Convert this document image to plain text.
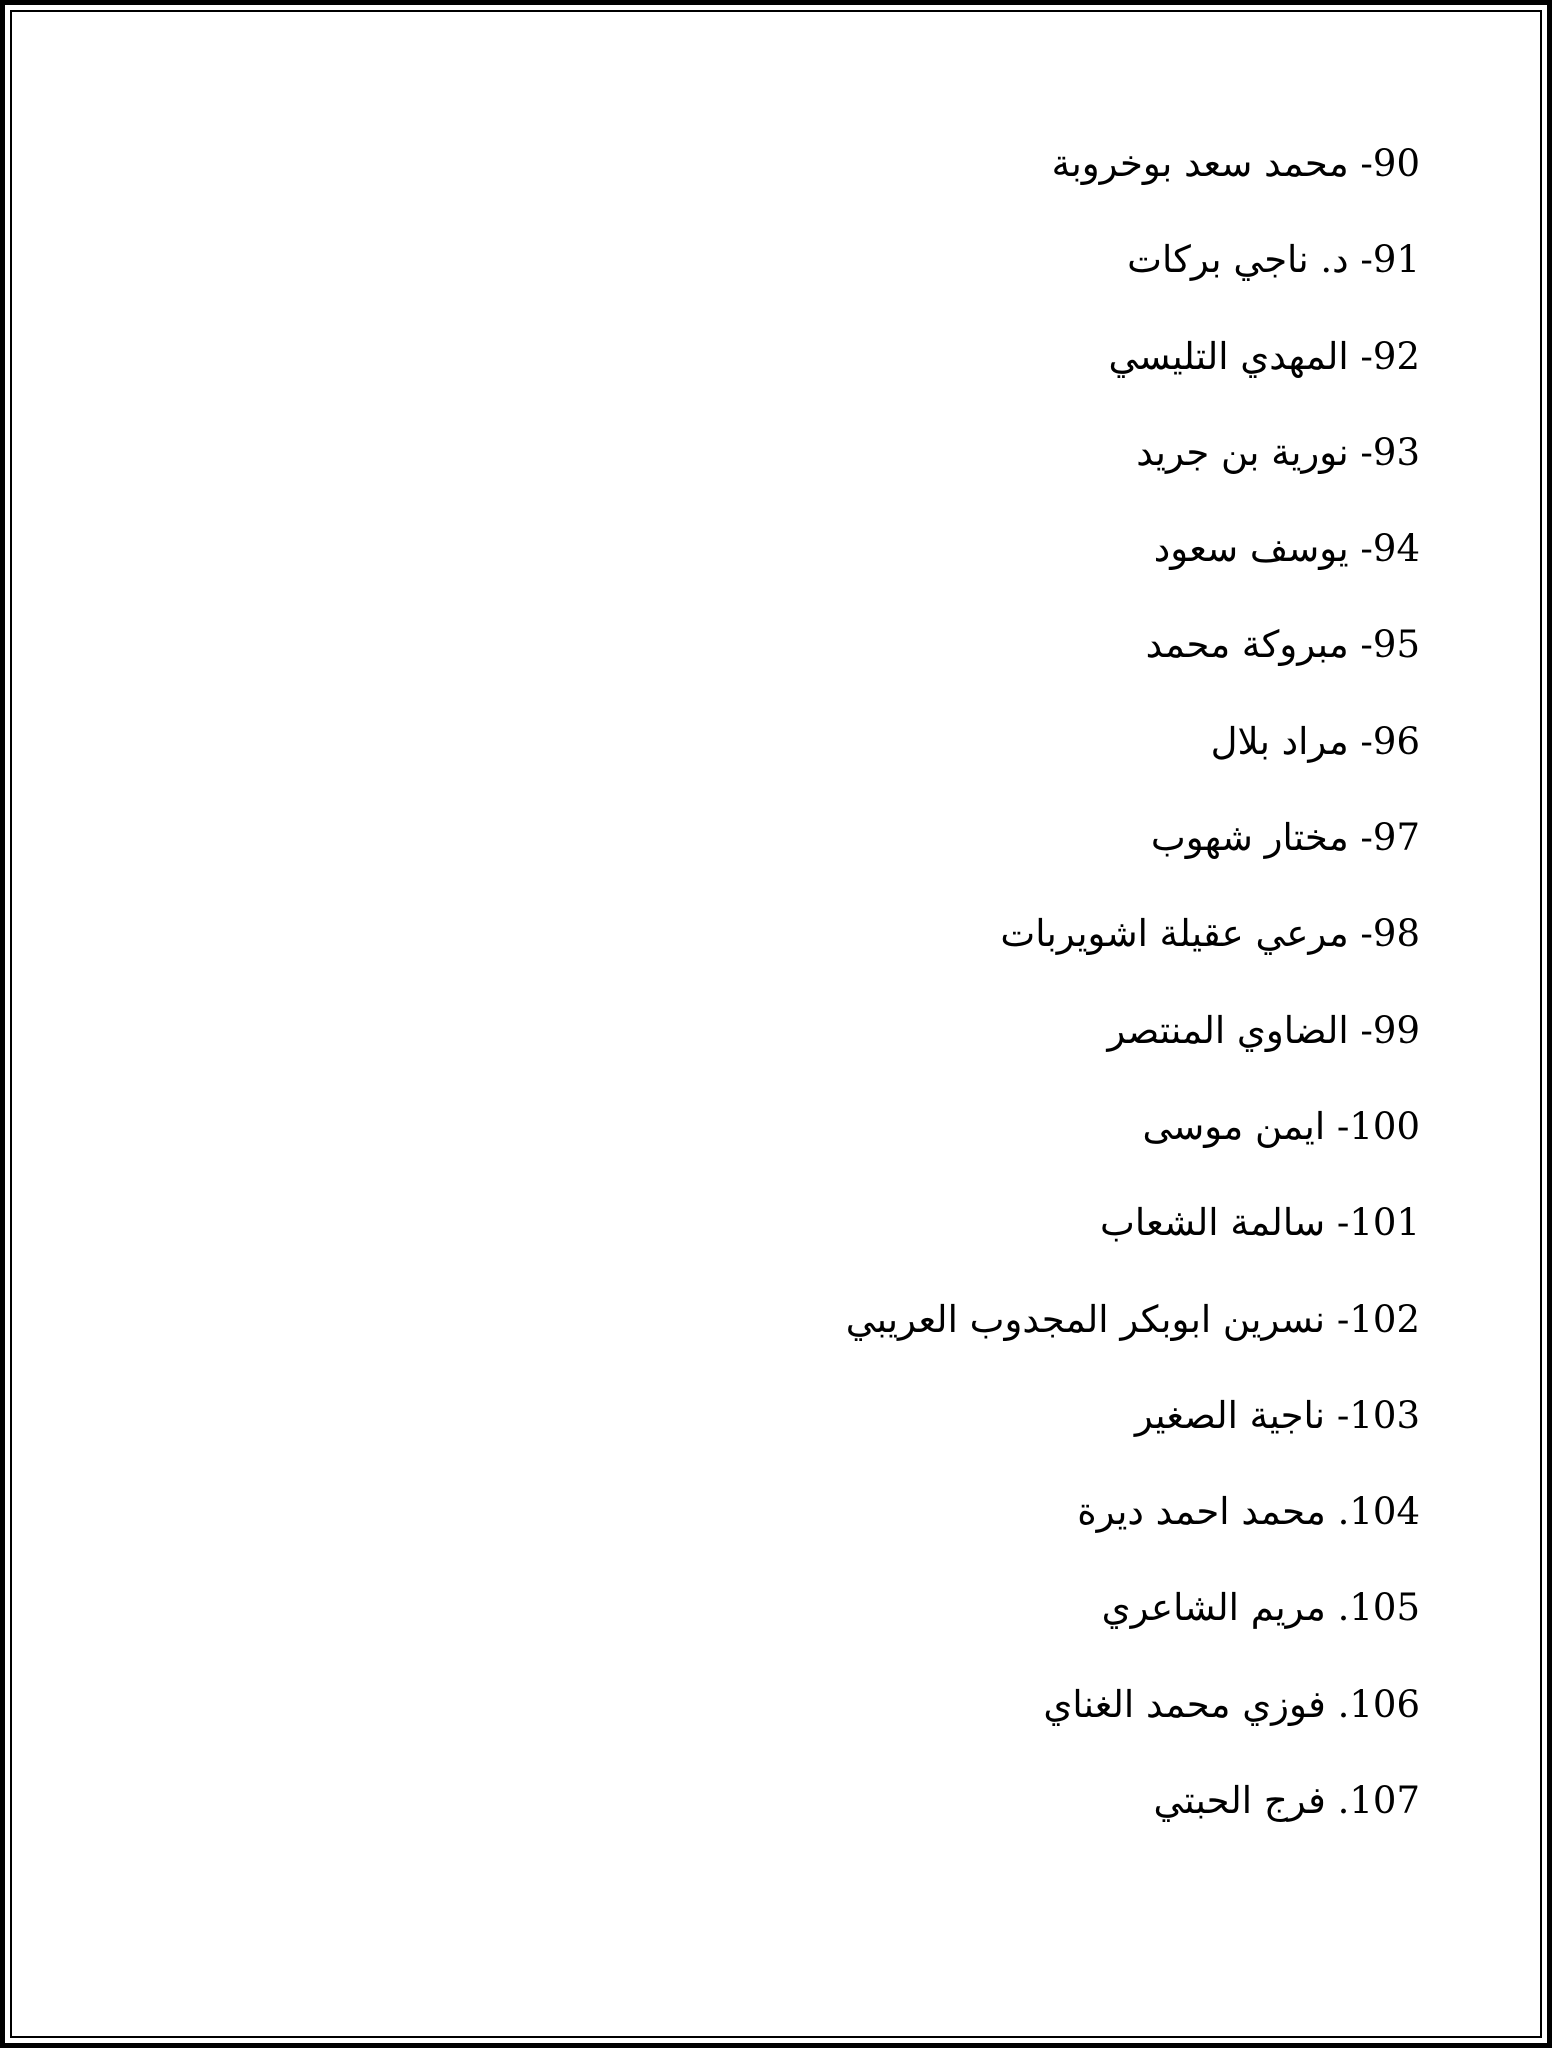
90- محمد سعد بوخروبة
91- د. ناجي بركات
92- المهدي التليسي
93- نورية بن جريد
94- يوسف سعود
95- مبروكة محمد
96- مراد بلال
97- مختار شهوب
98- مرعي عقيلة اشويربات
99- الضاوي المنتصر
100- ايمن موسى
101- سالمة الشعاب
102- نسرين ابوبكر المجدوب العريبي
103- ناجية الصغير
104. محمد احمد ديرة
105. مريم الشاعري
106. فوزي محمد الغناي
107. فرج الحبتي
